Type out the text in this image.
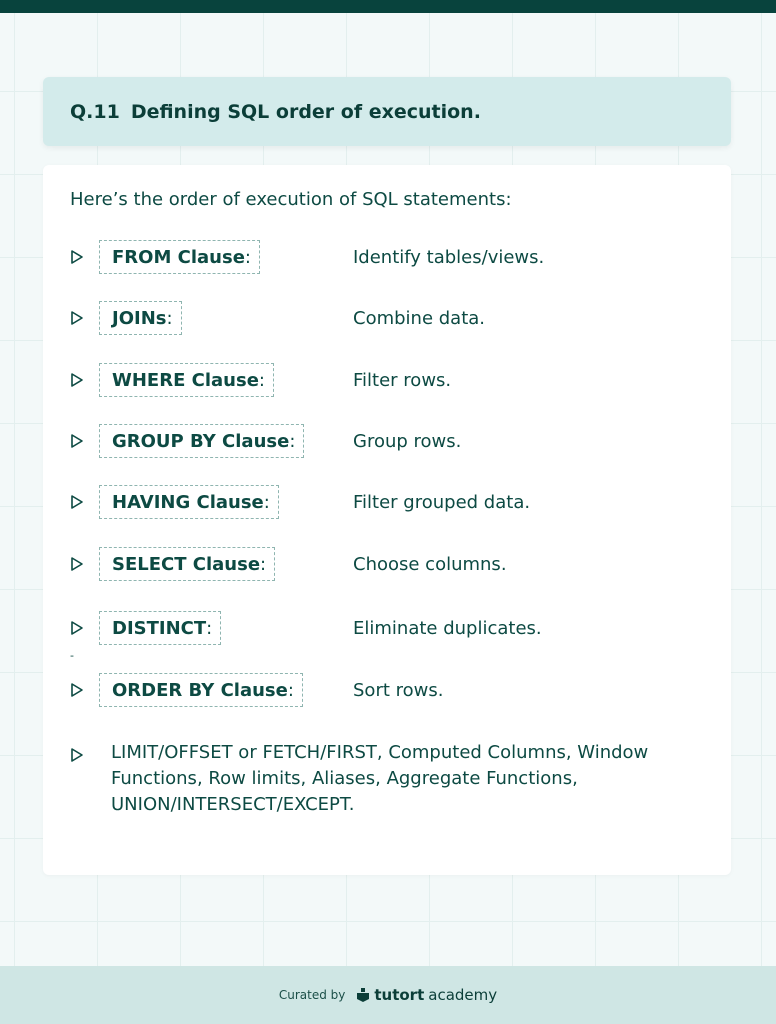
Q.11 Defining SQL order of execution.
Here’s the order of execution of SQL statements:
FROM Clause :	Identify tables/views.
JOINs :	Combine data.
WHERE Clause :	Filter rows.
GROUP BY Clause :	Group rows.
HAVING Clause :	Filter grouped data.
SELECT Clause :	Choose columns.
-
DISTINCT :	Eliminate duplicates.
ORDER BY Clause :	Sort rows.
LIMIT/OFFSET or FETCH/FIRST, Computed Columns, Window Functions, Row limits, Aliases, Aggregate Functions, UNION/INTERSECT/EXCEPT.
Curated by tutort academy
